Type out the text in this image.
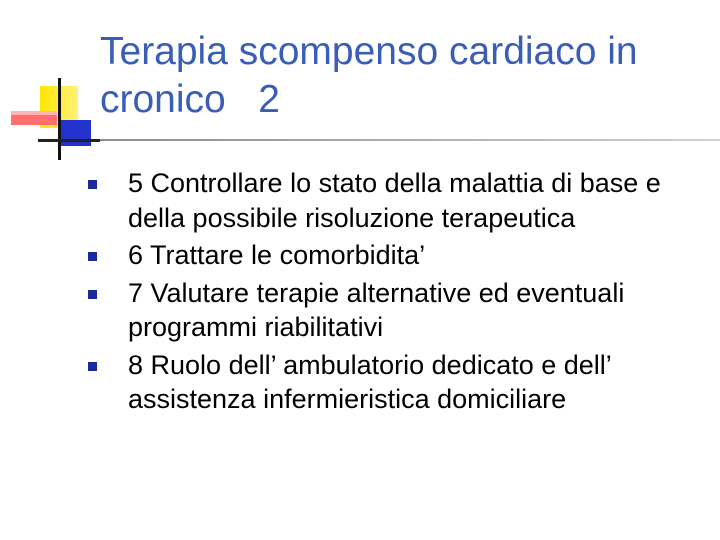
Terapia scompenso cardiaco in
cronico   2
5 Controllare lo stato della malattia di base e della possibile risoluzione terapeutica
6 Trattare le comorbidita’
7 Valutare terapie alternative ed eventuali programmi riabilitativi
8 Ruolo dell’ ambulatorio dedicato e dell’ assistenza infermieristica domiciliare
